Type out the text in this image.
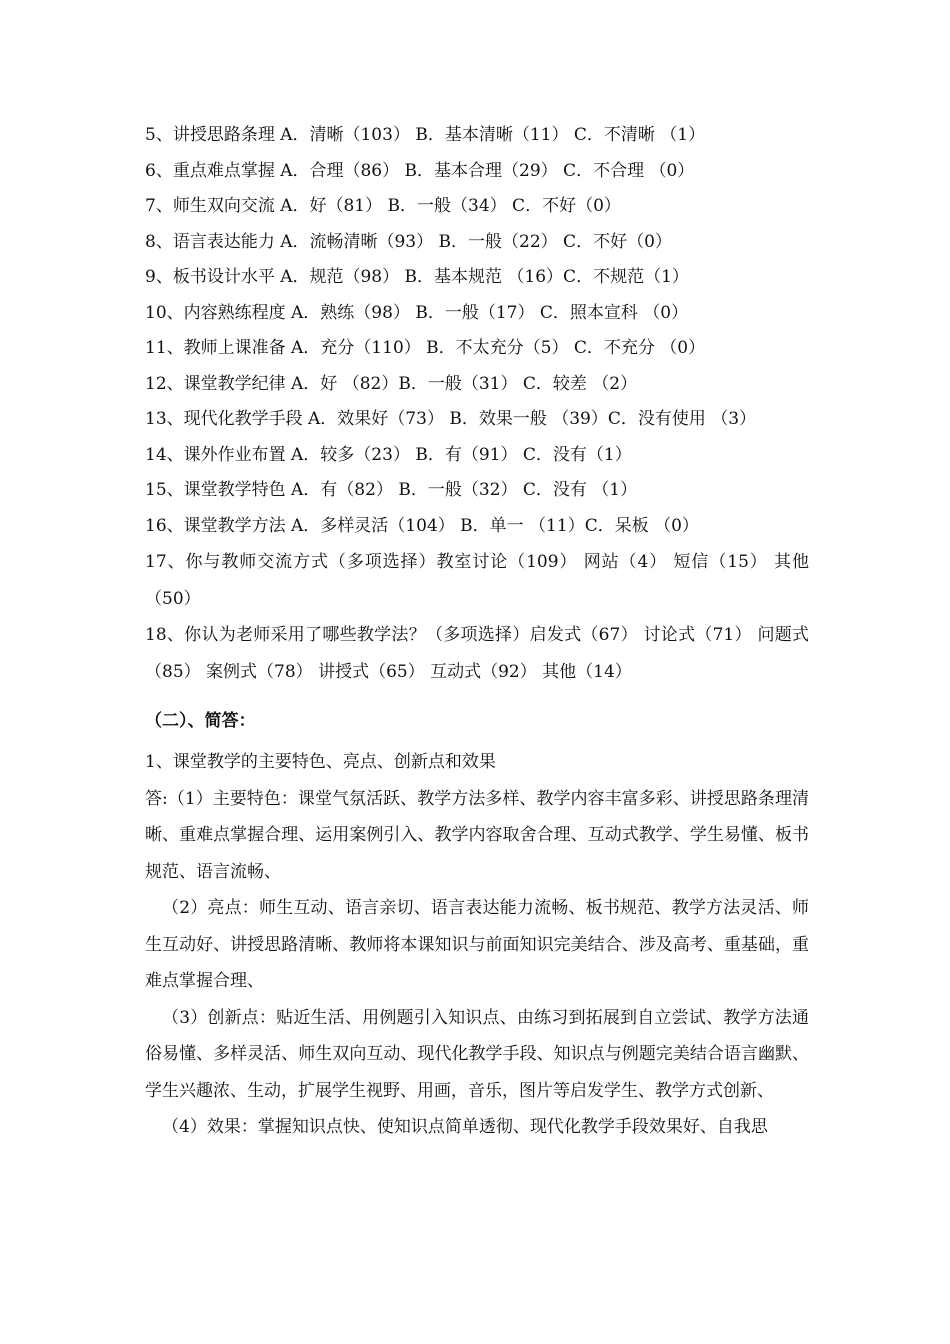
5、讲授思路条理 A．清晰（103） B．基本清晰（11） C．不清晰 （1）
6、重点难点掌握 A．合理（86） B．基本合理（29） C．不合理 （0）
7、师生双向交流 A．好（81） B．一般（34） C．不好（0）
8、语言表达能力 A．流畅清晰（93） B．一般（22） C．不好（0）
9、板书设计水平 A．规范（98） B．基本规范 （16）C．不规范（1）
10、内容熟练程度 A．熟练（98） B．一般（17） C．照本宣科 （0）
11、教师上课准备 A．充分（110） B．不太充分（5） C．不充分 （0）
12、课堂教学纪律 A．好 （82）B．一般（31） C．较差 （2）
13、现代化教学手段 A．效果好（73） B．效果一般 （39）C．没有使用 （3）
14、课外作业布置 A．较多（23） B．有（91） C．没有（1）
15、课堂教学特色 A．有（82） B．一般（32） C．没有 （1）
16、课堂教学方法 A．多样灵活（104） B．单一 （11）C．呆板 （0）

17、你与教师交流方式（多项选择）教室讨论（109） 网站（4） 短信（15） 其他（50）

18、你认为老师采用了哪些教学法？（多项选择）启发式（67） 讨论式（71） 问题式（85） 案例式（78） 讲授式（65） 互动式（92） 其他（14）

（二）、简答：

1、课堂教学的主要特色、亮点、创新点和效果

答:（1）主要特色：课堂气氛活跃、教学方法多样、教学内容丰富多彩、讲授思路条理清晰、重难点掌握合理、运用案例引入、教学内容取舍合理、互动式教学、学生易懂、板书规范、语言流畅、

（2）亮点：师生互动、语言亲切、语言表达能力流畅、板书规范、教学方法灵活、师生互动好、讲授思路清晰、教师将本课知识与前面知识完美结合、涉及高考、重基础，重难点掌握合理、

（3）创新点：贴近生活、用例题引入知识点、由练习到拓展到自立尝试、教学方法通俗易懂、多样灵活、师生双向互动、现代化教学手段、知识点与例题完美结合语言幽默、学生兴趣浓、生动，扩展学生视野、用画，音乐，图片等启发学生、教学方式创新、

（4）效果：掌握知识点快、使知识点简单透彻、现代化教学手段效果好、自我思
